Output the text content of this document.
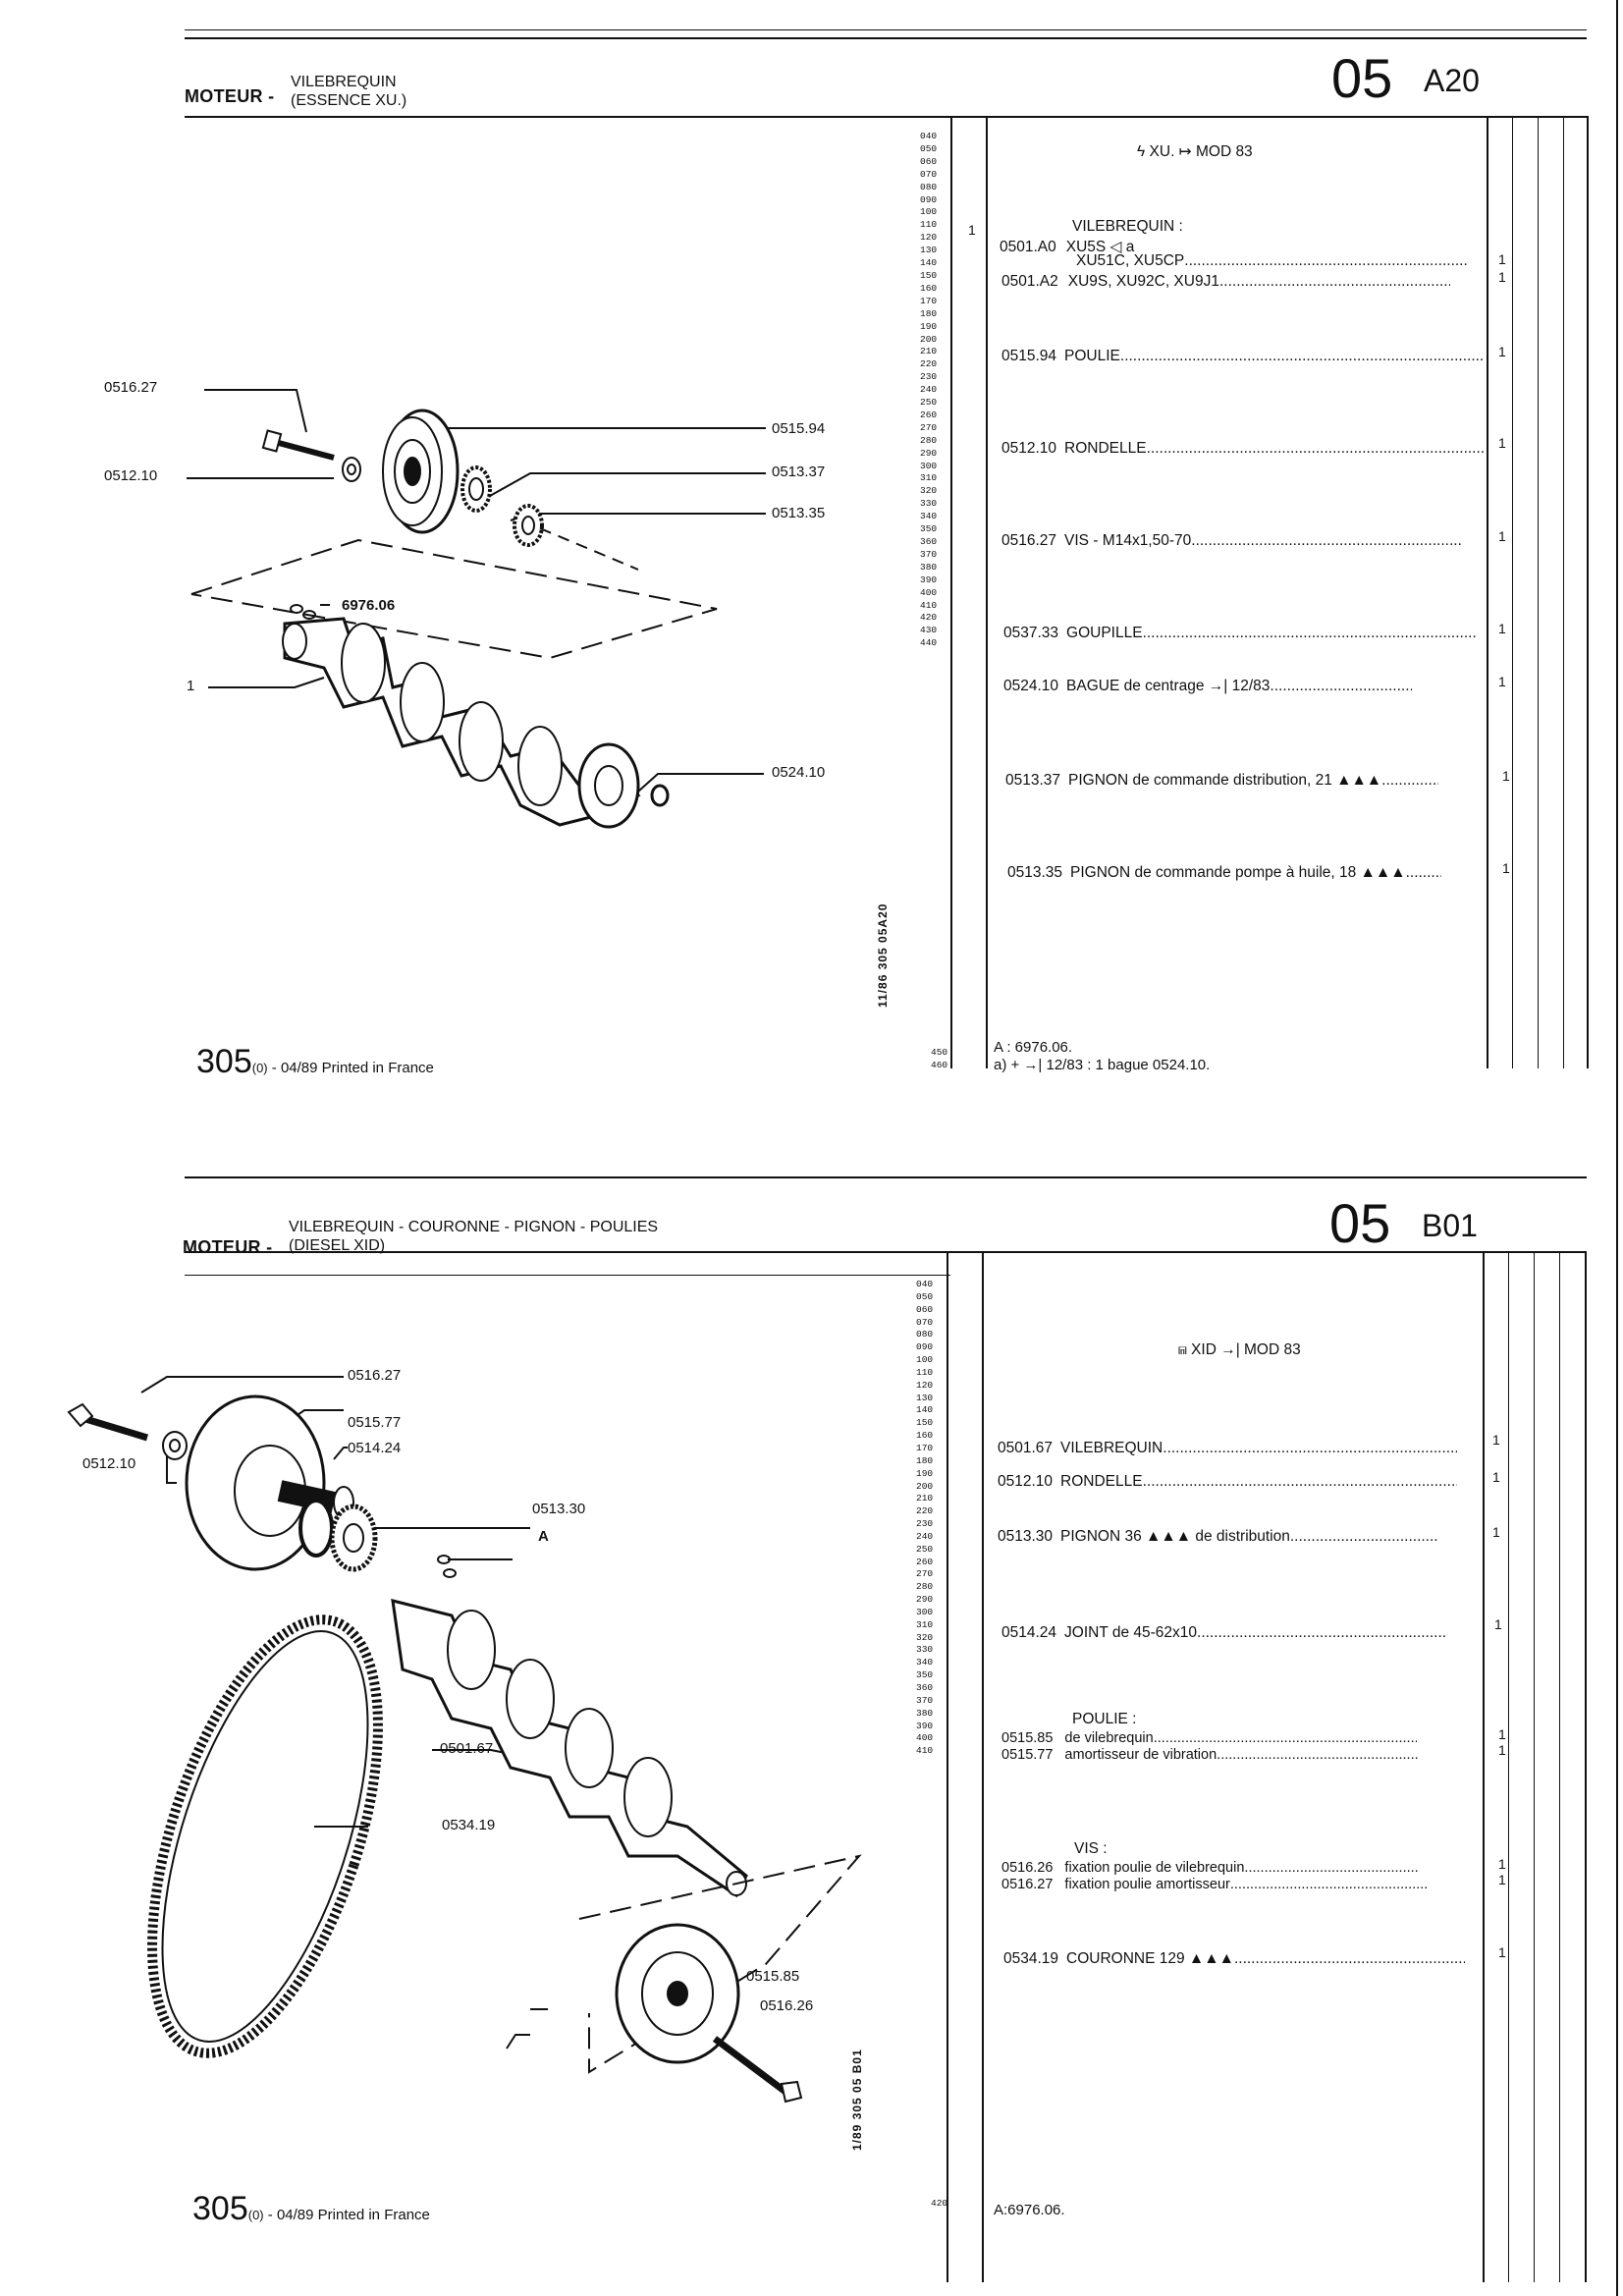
MOTEUR -
VILEBREQUIN
(ESSENCE XU.)	05 A20
040
050
060
070
080
090
100
110
120
130
140
150
160
170
180
190
200
210
220
230
240
250
260
270
280
290
300
310
320
330
340
350
360
370
380
390
400
410
420
430
440
450
460
1
ϟ XU. ↦ MOD 83
VILEBREQUIN :
0501.A0 XU5S ◁ a
XU51C, XU5CP .....	1
0501.A2 XU9S, XU92C, XU9J1 .....	1
0515.94 POULIE .....	1
0512.10 RONDELLE .....	1
0516.27 VIS - M14x1,50-70 .....	1
0537.33 GOUPILLE .....	1
0524.10 BAGUE de centrage →| 12/83 .....	1
0513.37 PIGNON de commande distribution, 21 ▲▲▲ .....	1
0513.35 PIGNON de commande pompe à huile, 18 ▲▲▲ .....	1
A : 6976.06.
a) + →| 12/83 : 1 bague 0524.10.
11/86 305 05A20
0516.27
0512.10
0515.94
0513.37
0513.35
6976.06
1
0524.10
305(0) - 04/89 Printed in France
MOTEUR -
VILEBREQUIN - COURONNE - PIGNON - POULIES
(DIESEL XID)	05 B01
040
050
060
070
080
090
100
110
120
130
140
150
160
170
180
190
200
210
220
230
240
250
260
270
280
290
300
310
320
330
340
350
360
370
380
390
400
410
420
⩎ XID →| MOD 83
0501.67 VILEBREQUIN .....	1
0512.10 RONDELLE .....	1
0513.30 PIGNON 36 ▲▲▲ de distribution .....	1
0514.24 JOINT de 45-62x10 .....	1
POULIE :
0515.85 de vilebrequin .....	1
0515.77 amortisseur de vibration .....	1
VIS :
0516.26 fixation poulie de vilebrequin .....	1
0516.27 fixation poulie amortisseur .....	1
0534.19 COURONNE 129 ▲▲▲ .....	1
A:6976.06.
1/89 305 05 B01
0516.27
0515.77
0512.10
0514.24
0513.30
A
0501.67
0534.19
0515.85
0516.26
305(0) - 04/89 Printed in France
